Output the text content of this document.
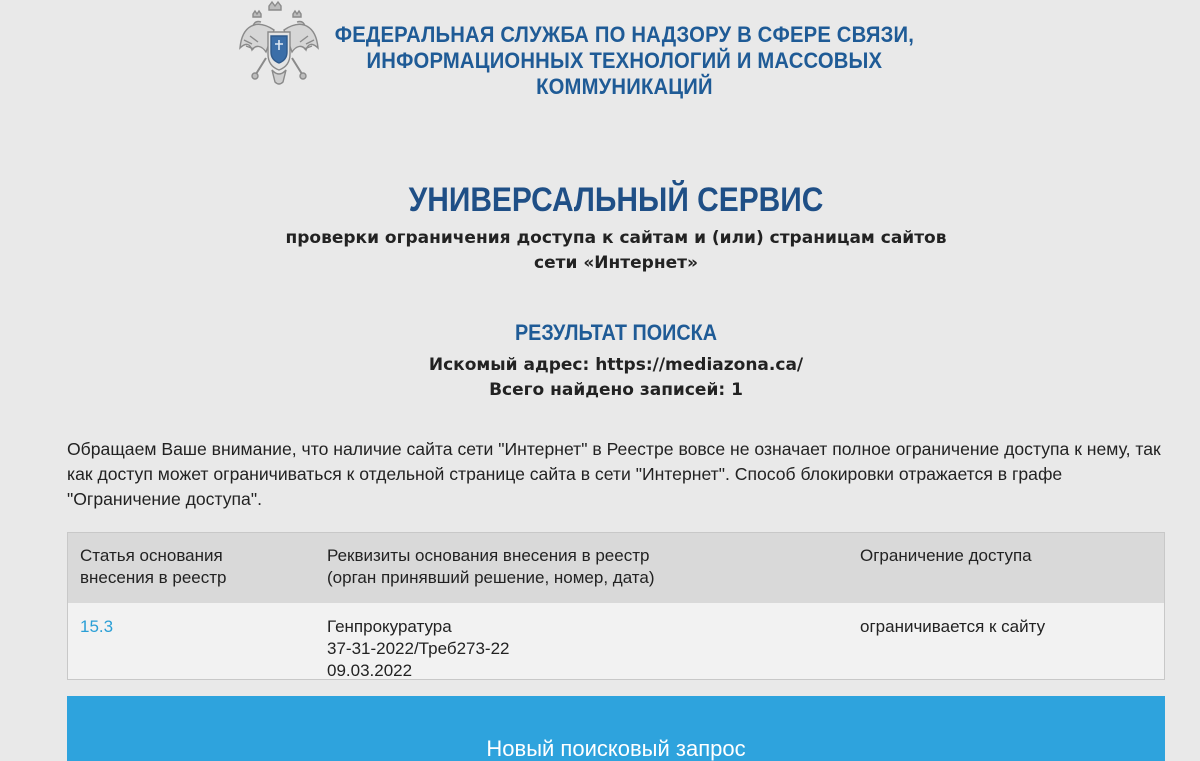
ФЕДЕРАЛЬНАЯ СЛУЖБА ПО НАДЗОРУ В СФЕРЕ СВЯЗИ,
ИНФОРМАЦИОННЫХ ТЕХНОЛОГИЙ И МАССОВЫХ КОММУНИКАЦИЙ
УНИВЕРСАЛЬНЫЙ СЕРВИС
проверки ограничения доступа к сайтам и (или) страницам сайтов
сети «Интернет»
РЕЗУЛЬТАТ ПОИСКА
Искомый адрес: https://mediazona.ca/
Всего найдено записей: 1
Обращаем Ваше внимание, что наличие сайта сети "Интернет" в Реестре вовсе не означает полное ограничение доступа к нему, так как доступ может ограничиваться к отдельной странице сайта в сети "Интернет". Способ блокировки отражается в графе "Ограничение доступа".
Статья основания
внесения в реестр
Реквизиты основания внесения в реестр
(орган принявший решение, номер, дата)
Ограничение доступа
15.3	Генпрокуратура
37-31-2022/Треб273-22
09.03.2022
ограничивается к сайту
Новый поисковый запрос
